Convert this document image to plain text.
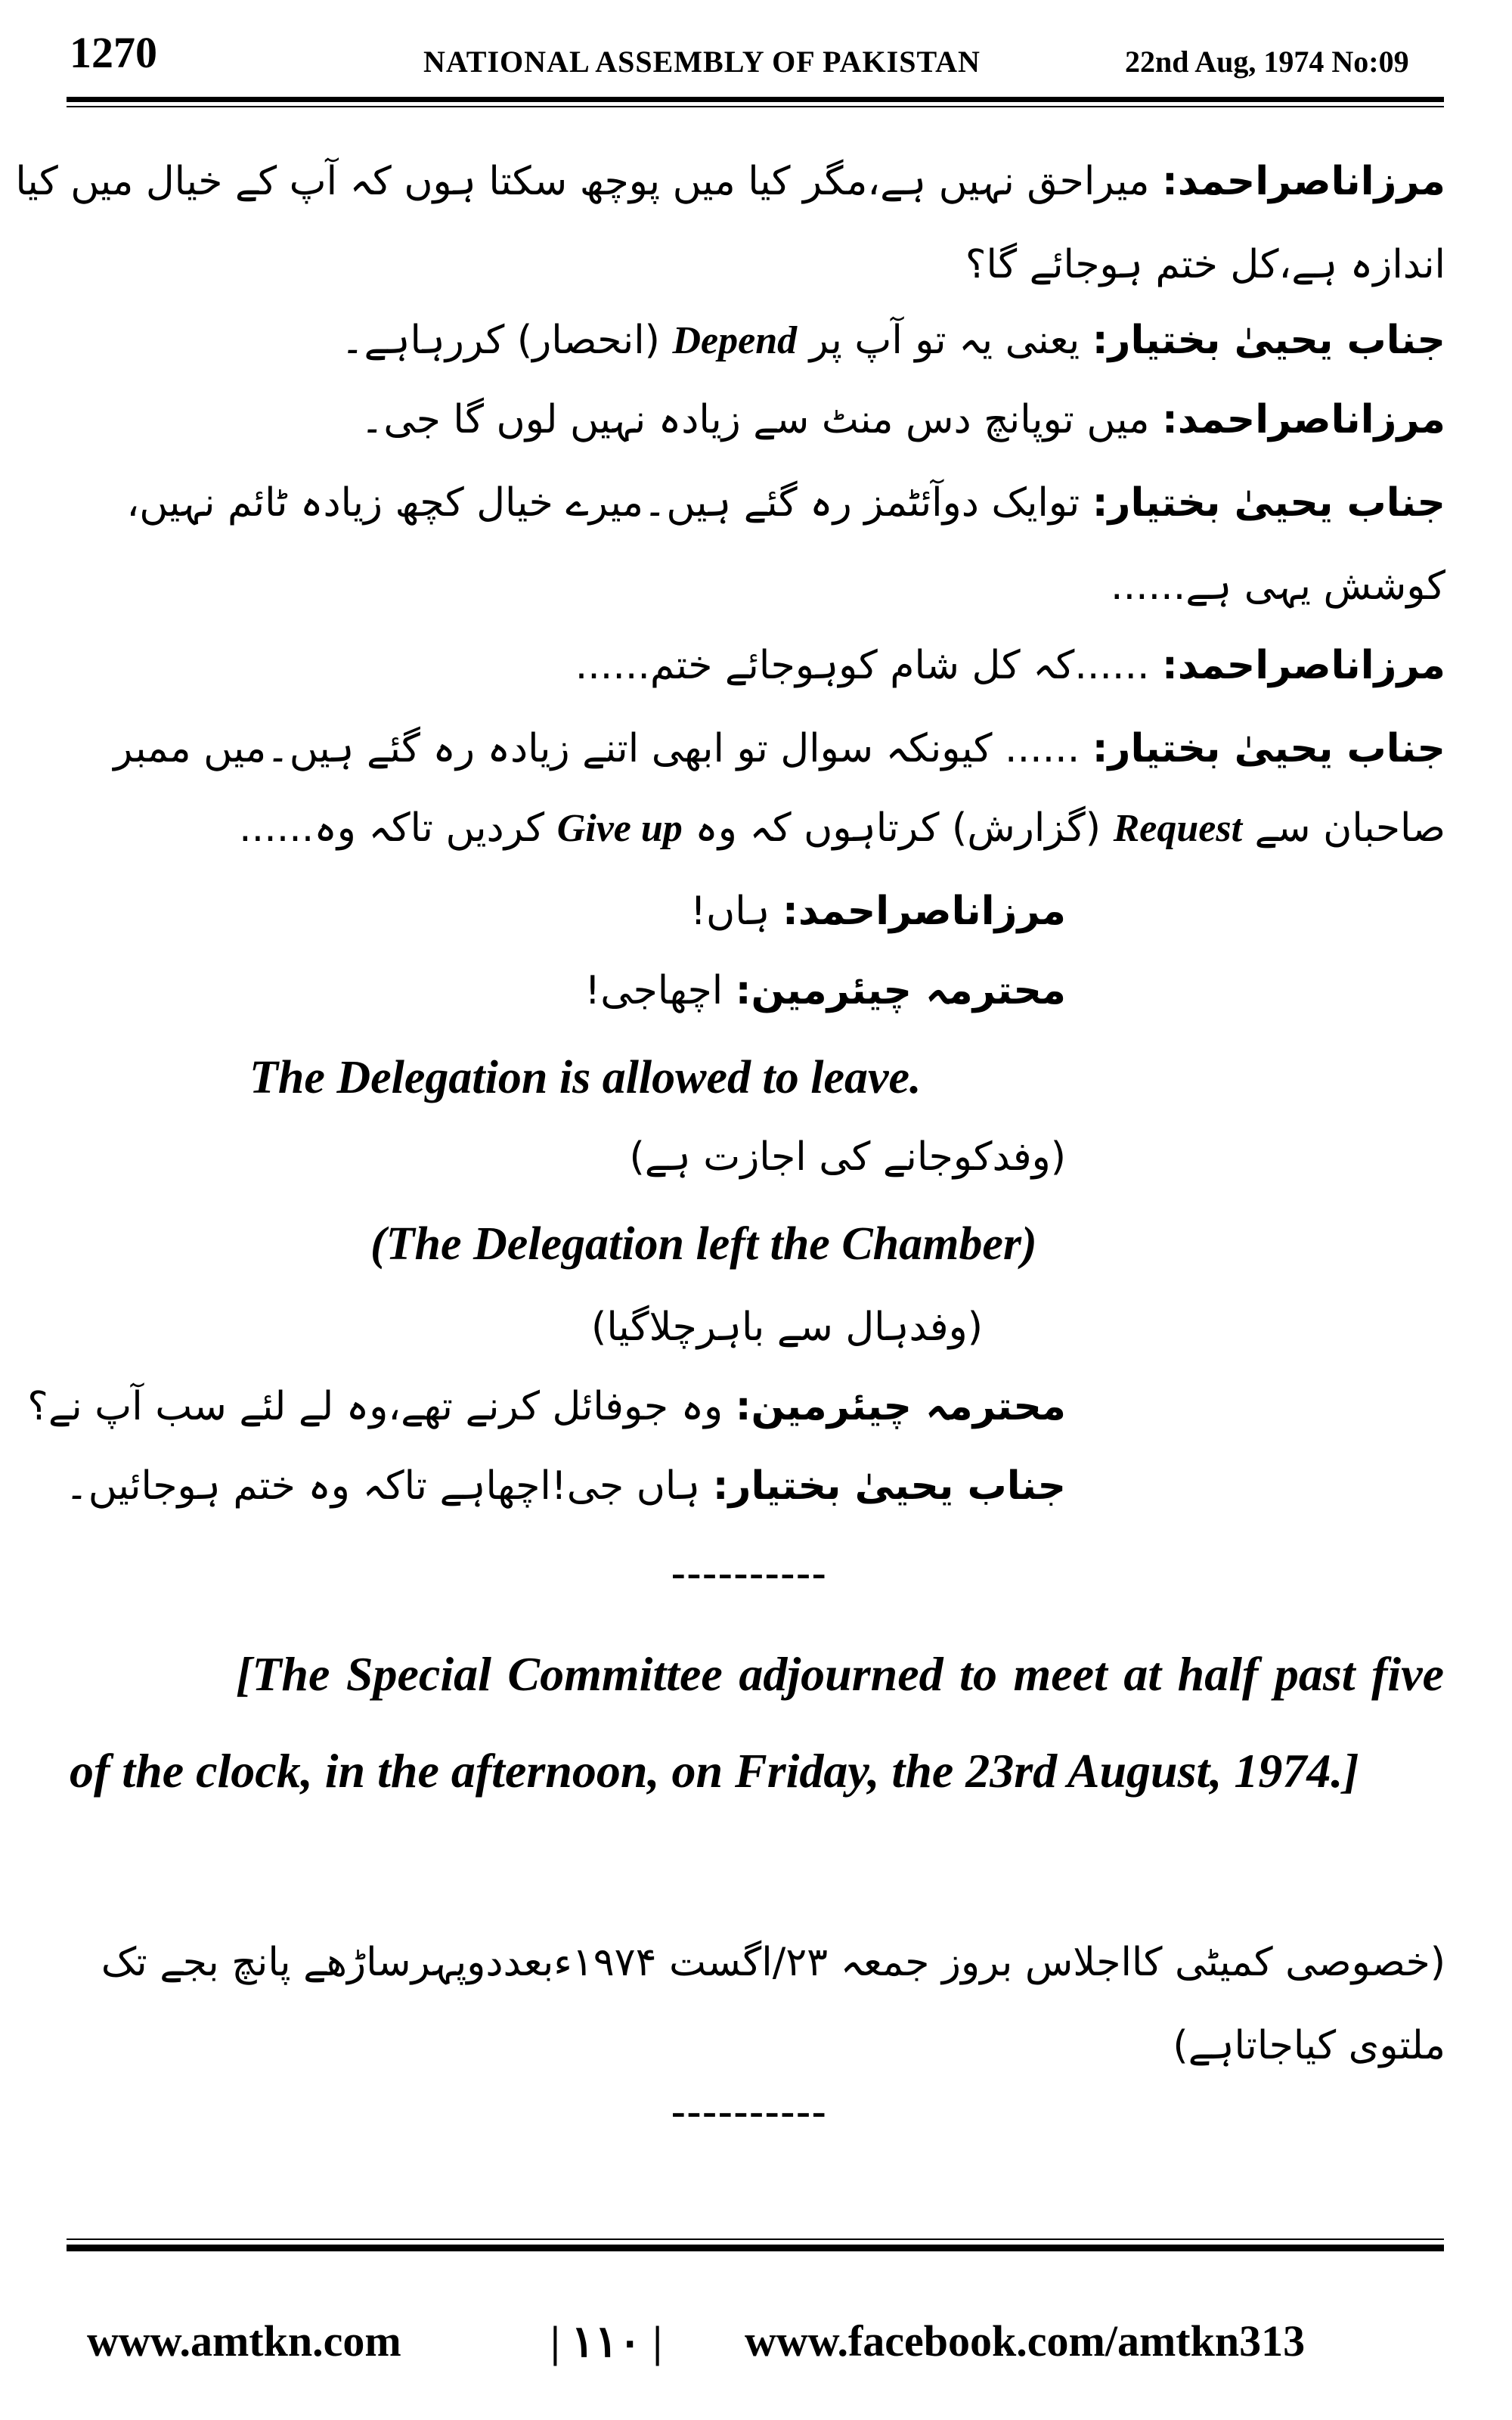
1270	NATIONAL ASSEMBLY OF PAKISTAN	22nd Aug, 1974 No:09
مرزاناصراحمد: میراحق نہیں ہے،مگر کیا میں پوچھ سکتا ہوں کہ آپ کے خیال میں کیا
اندازہ ہے،کل ختم ہوجائے گا؟
جناب یحییٰ بختیار: یعنی یہ تو آپ پر Depend (انحصار) کررہاہے۔
مرزاناصراحمد: میں توپانچ دس منٹ سے زیادہ نہیں لوں گا جی۔
جناب یحییٰ بختیار: توایک دوآئٹمز رہ گئے ہیں۔میرے خیال کچھ زیادہ ٹائم نہیں،
کوشش یہی ہے......
مرزاناصراحمد: ......کہ کل شام کوہوجائے ختم......
جناب یحییٰ بختیار: ...... کیونکہ سوال تو ابھی اتنے زیادہ رہ گئے ہیں۔میں ممبر
صاحبان سے Request (گزارش) کرتاہوں کہ وہ Give up کردیں تاکہ وہ......
مرزاناصراحمد: ہاں!
محترمہ چیئرمین: اچھاجی!
The Delegation is allowed to leave.
(وفدکوجانے کی اجازت ہے)
(The Delegation left the Chamber)
(وفدہال سے باہرچلاگیا)
محترمہ چیئرمین: وہ جوفائل کرنے تھے،وہ لے لئے سب آپ نے؟
جناب یحییٰ بختیار: ہاں جی!اچھاہے تاکہ وہ ختم ہوجائیں۔
----------
[The Special Committee adjourned to meet at half past five of the clock, in the afternoon, on Friday, the 23rd August, 1974.]
(خصوصی کمیٹی کااجلاس بروز جمعہ ۲۳/اگست ۱۹۷۴ءبعددوپہرساڑھے پانچ بجے تک
ملتوی کیاجاتاہے)
----------
www.amtkn.com	| ۱۱۰ | www.facebook.com/amtkn313
